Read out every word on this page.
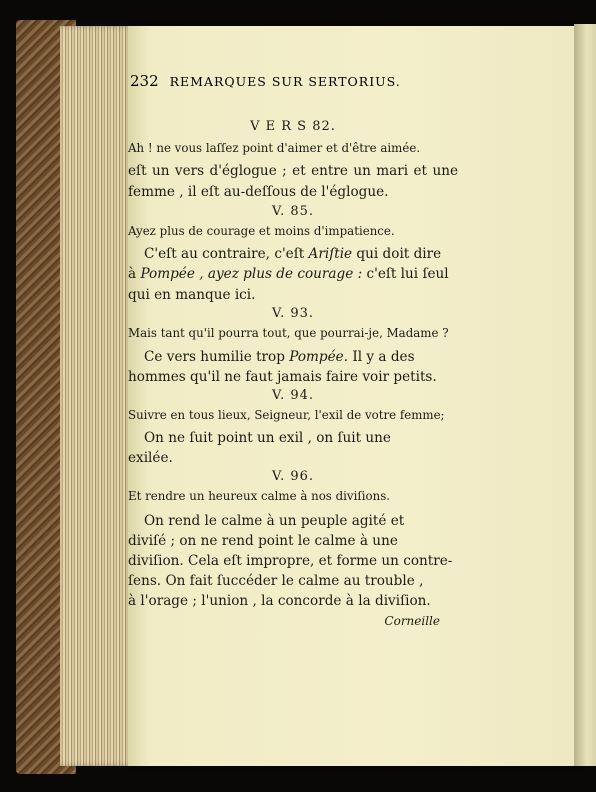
232 REMARQUES SUR SERTORIUS.
V E R S 82.
Ah ! ne vous laſſez point d'aimer et d'être aimée.
eſt un vers d'églogue ; et entre un mari et une
femme , il eſt au-deſſous de l'églogue.
V. 85.
Ayez plus de courage et moins d'impatience.
C'eſt au contraire, c'eſt Ariſtie qui doit dire
à Pompée , ayez plus de courage : c'eſt lui ſeul
qui en manque ici.
V. 93.
Mais tant qu'il pourra tout, que pourrai-je, Madame ?
Ce vers humilie trop Pompée. Il y a des
hommes qu'il ne faut jamais faire voir petits.
V. 94.
Suivre en tous lieux, Seigneur, l'exil de votre femme;
On ne ſuit point un exil , on ſuit une
exilée.
V. 96.
Et rendre un heureux calme à nos diviſions.
On rend le calme à un peuple agité et
diviſé ; on ne rend point le calme à une
diviſion. Cela eſt impropre, et forme un contre-
ſens. On fait ſuccéder le calme au trouble ,
à l'orage ; l'union , la concorde à la diviſion.
Corneille
